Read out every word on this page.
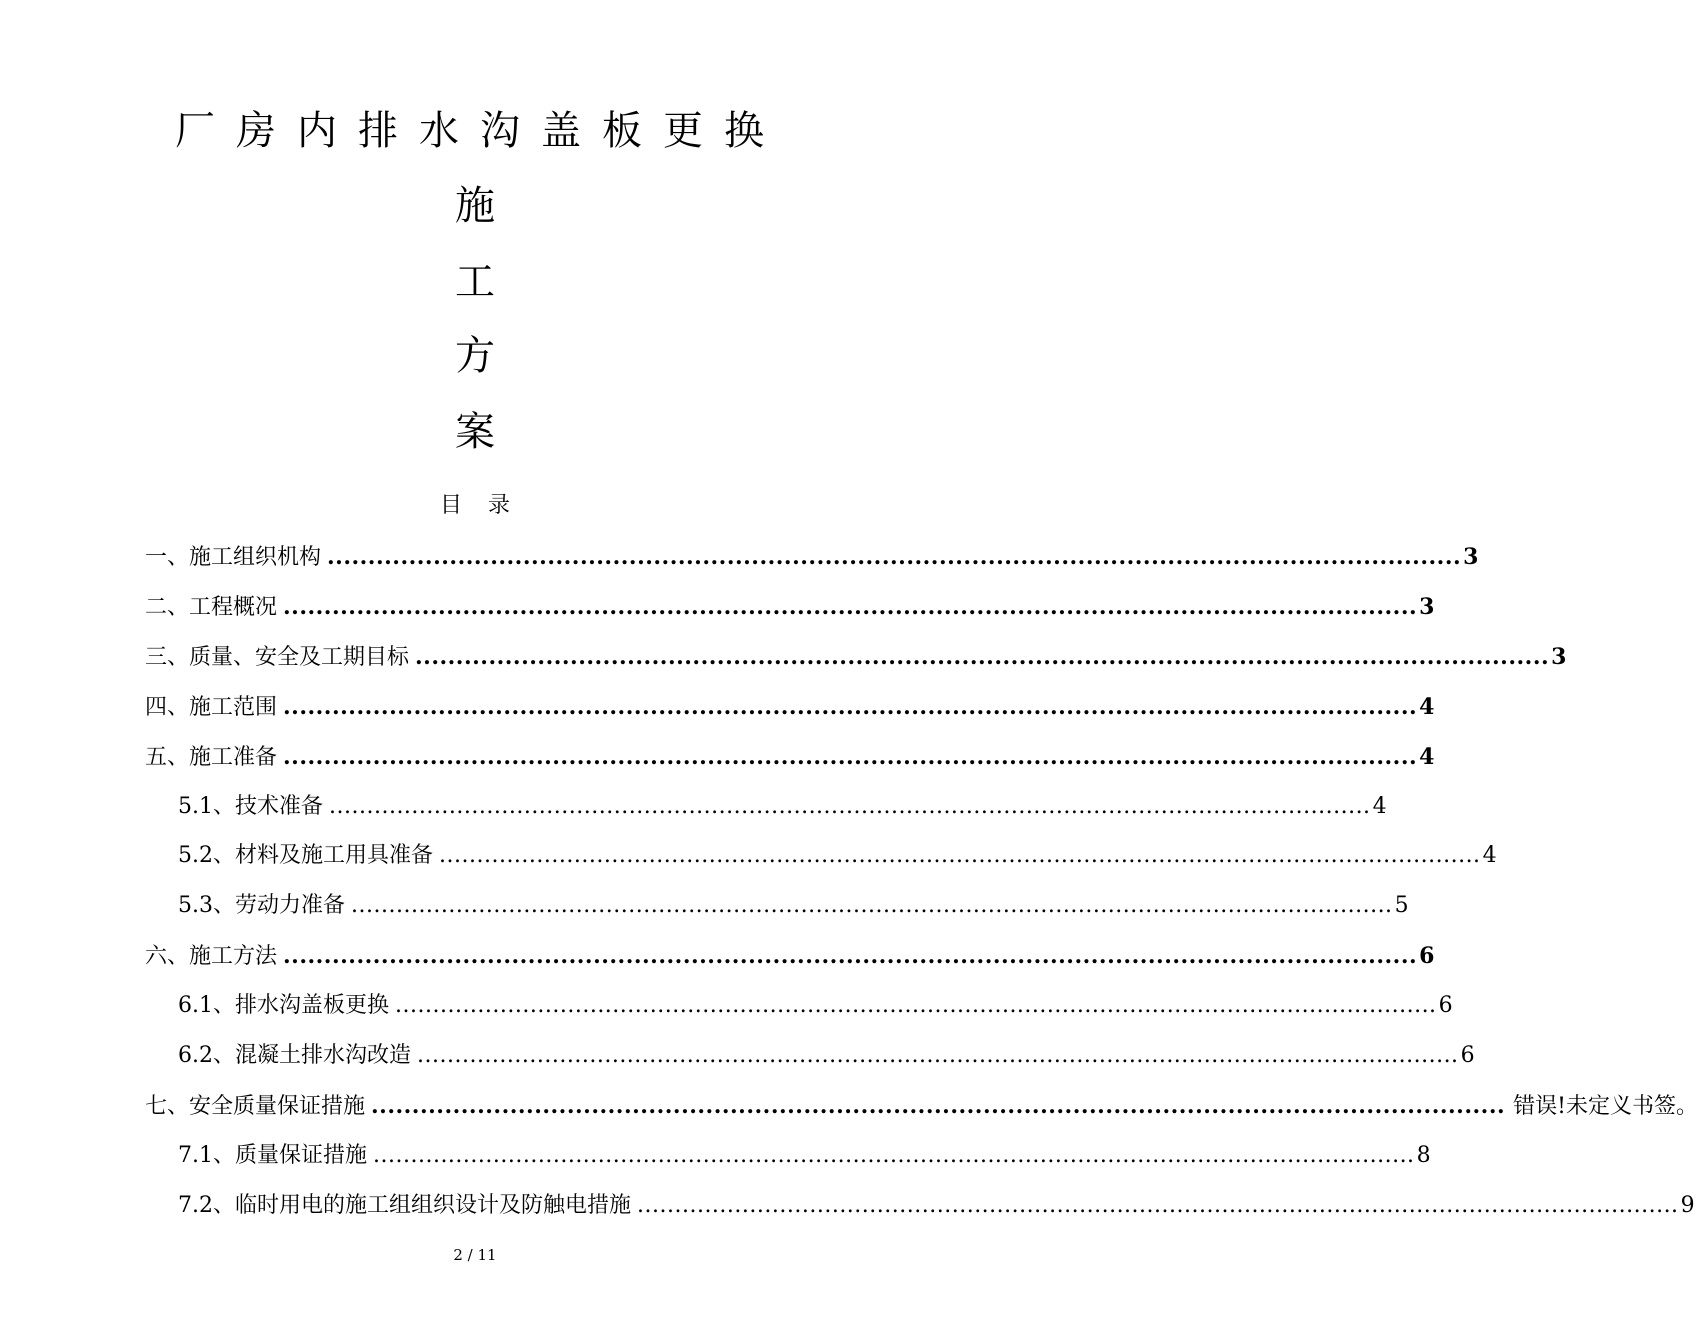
厂房内排水沟盖板更换
施
工
方
案
目录
一、施工组织机构 ........................................................................................................................................... 3
二、工程概况 ........................................................................................................................................... 3
三、质量、安全及工期目标 ........................................................................................................................................... 3
四、施工范围 ........................................................................................................................................... 4
五、施工准备 ........................................................................................................................................... 4
5.1、技术准备 ........................................................................................................................................... 4
5.2、材料及施工用具准备 ........................................................................................................................................... 4
5.3、劳动力准备 ........................................................................................................................................... 5
六、施工方法 ........................................................................................................................................... 6
6.1、排水沟盖板更换 ........................................................................................................................................... 6
6.2、混凝土排水沟改造 ........................................................................................................................................... 6
七、安全质量保证措施 ........................................................................................................................................... 错误!未定义书签。
7.1、质量保证措施 ........................................................................................................................................... 8
7.2、临时用电的施工组组织设计及防触电措施 ........................................................................................................................................... 9
2 / 11
